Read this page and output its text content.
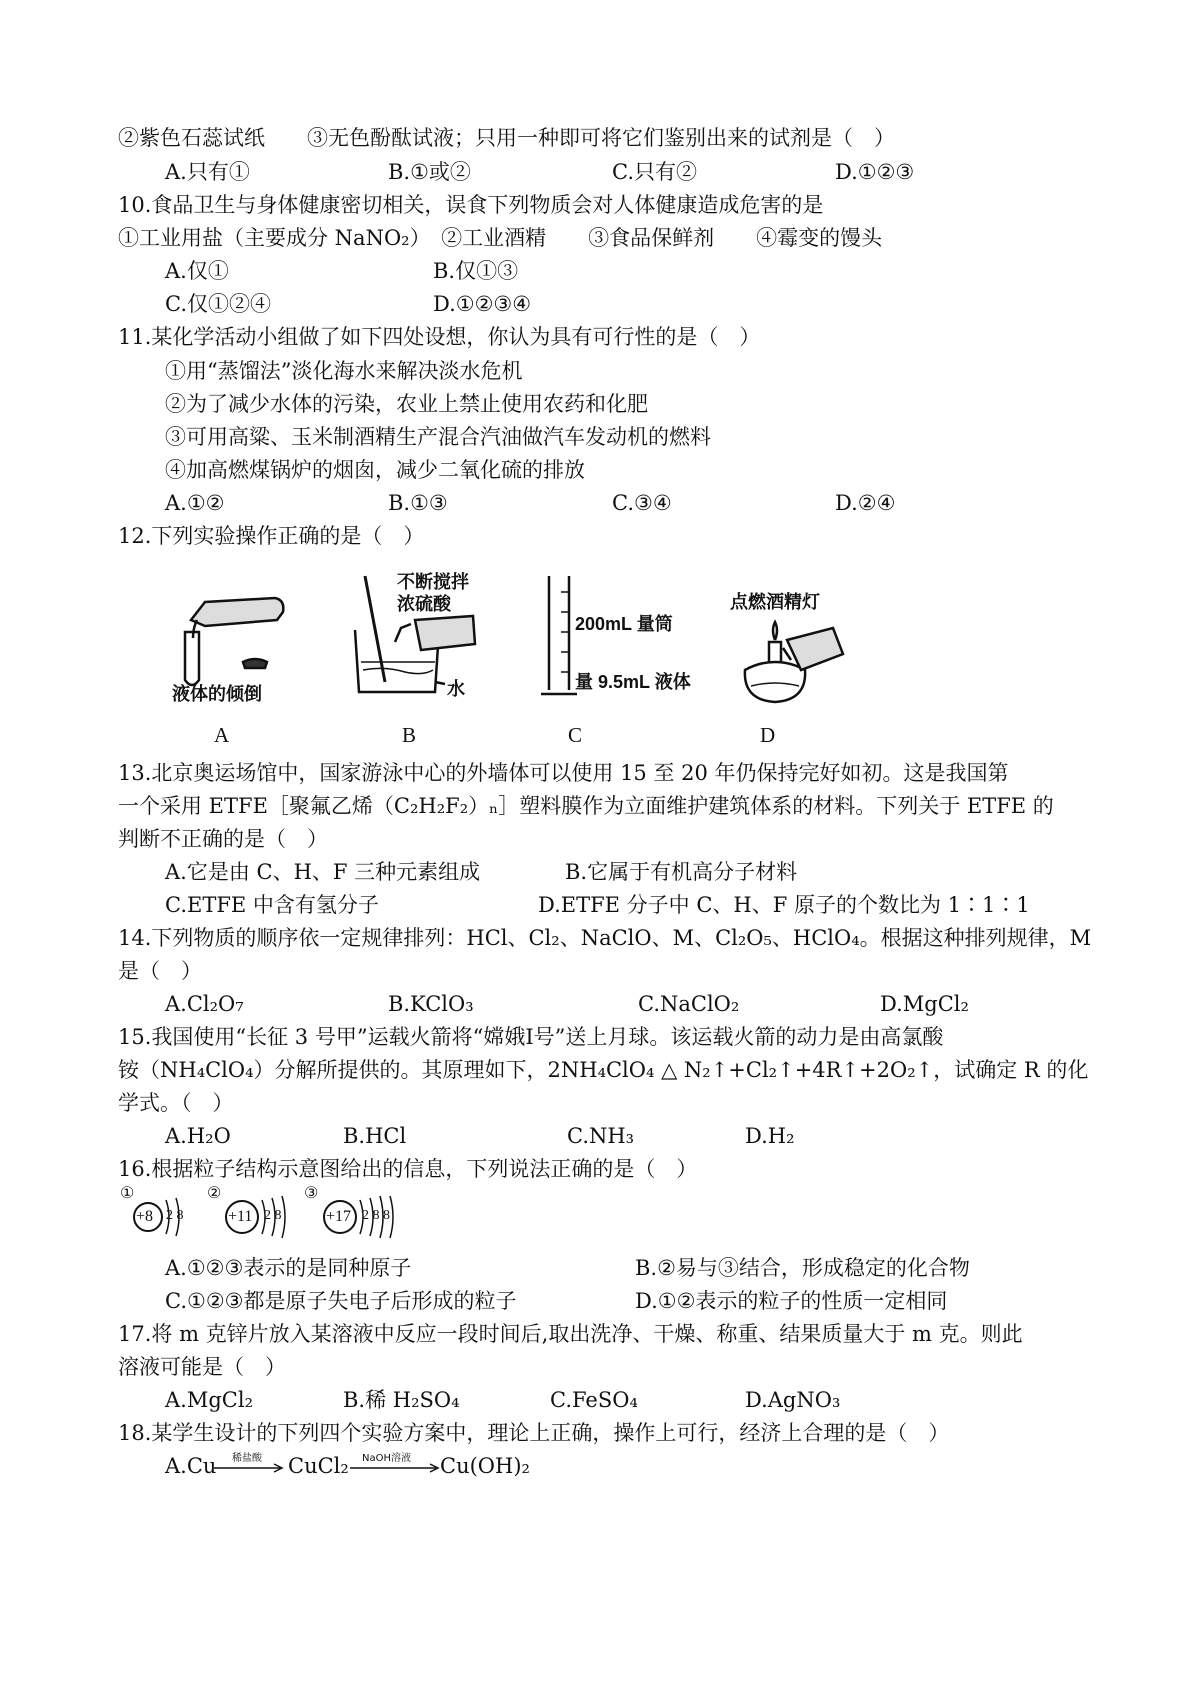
②紫色石蕊试纸　　③无色酚酞试液；只用一种即可将它们鉴别出来的试剂是（　）
A.只有①	B.①或②	C.只有②	D.①②③
10.食品卫生与身体健康密切相关，误食下列物质会对人体健康造成危害的是
①工业用盐（主要成分 NaNO₂）　②工业酒精　　③食品保鲜剂　　④霉变的馒头
A.仅①	B.仅①③
C.仅①②④	D.①②③④
11.某化学活动小组做了如下四处设想，你认为具有可行性的是（　）
①用“蒸馏法”淡化海水来解决淡水危机
②为了减少水体的污染，农业上禁止使用农药和化肥
③可用高粱、玉米制酒精生产混合汽油做汽车发动机的燃料
④加高燃煤锅炉的烟囱，减少二氧化硫的排放
A.①②	B.①③	C.③④	D.②④
12.下列实验操作正确的是（　）
液体的倾倒
不断搅拌
浓硫酸
水
200mL 量筒
量 9.5mL 液体
点燃酒精灯
A	B	C	D
13.北京奥运场馆中，国家游泳中心的外墙体可以使用 15 至 20 年仍保持完好如初。这是我国第
一个采用 ETFE［聚氟乙烯（C₂H₂F₂）ₙ］塑料膜作为立面维护建筑体系的材料。下列关于 ETFE 的
判断不正确的是（　）
A.它是由 C、H、F 三种元素组成	B.它属于有机高分子材料
C.ETFE 中含有氢分子	D.ETFE 分子中 C、H、F 原子的个数比为 1∶1∶1
14.下列物质的顺序依一定规律排列：HCl、Cl₂、NaClO、M、Cl₂O₅、HClO₄。根据这种排列规律，M
是（　）
A.Cl₂O₇	B.KClO₃	C.NaClO₂	D.MgCl₂
15.我国使用“长征 3 号甲”运载火箭将“嫦娥Ⅰ号”送上月球。该运载火箭的动力是由高氯酸
铵（NH₄ClO₄）分解所提供的。其原理如下，2NH₄ClO₄ △ N₂↑+Cl₂↑+4R↑+2O₂↑，试确定 R 的化
学式。（　）
A.H₂O	B.HCl	C.NH₃	D.H₂
16.根据粒子结构示意图给出的信息，下列说法正确的是（　）
①
+8 2 8
②
+11 2 8
③
+17 2 8 8
A.①②③表示的是同种原子	B.②易与③结合，形成稳定的化合物
C.①②③都是原子失电子后形成的粒子	D.①②表示的粒子的性质一定相同
17.将 m 克锌片放入某溶液中反应一段时间后,取出洗净、干燥、称重、结果质量大于 m 克。则此
溶液可能是（　）
A.MgCl₂	B.稀 H₂SO₄	C.FeSO₄	D.AgNO₃
18.某学生设计的下列四个实验方案中，理论上正确，操作上可行，经济上合理的是（　）
A.Cu 稀盐酸 CuCl₂ NaOH溶液 Cu(OH)₂
